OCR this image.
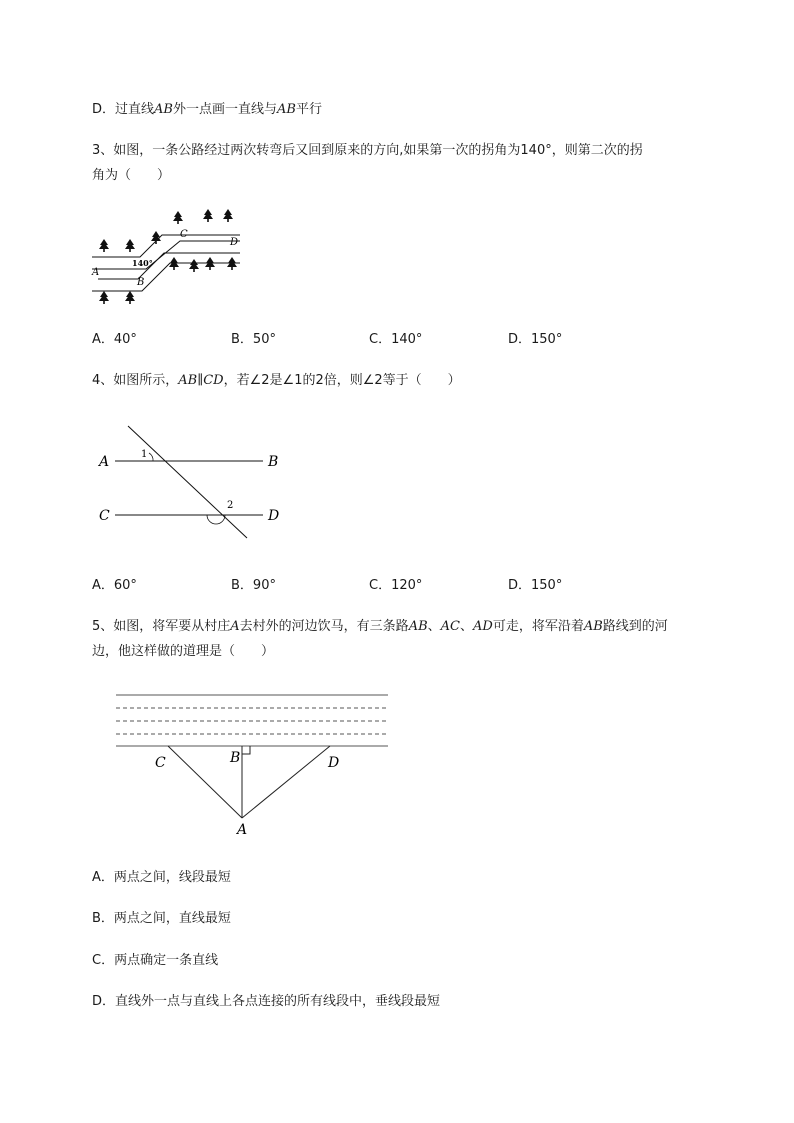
D．过直线AB外一点画一直线与AB平行
3、如图，一条公路经过两次转弯后又回到原来的方向,如果第一次的拐角为140°，则第二次的拐
角为（　　）
A
B
C
D
140°
A．40°	B．50°	C．140°	D．150°
4、如图所示，AB∥CD，若∠2是∠1的2倍，则∠2等于（　　）
A	B
C	D
1
2
A．60°	B．90°	C．120°	D．150°
5、如图，将军要从村庄A去村外的河边饮马，有三条路AB、AC、AD可走，将军沿着AB路线到的河
边，他这样做的道理是（　　）
A
B
C	D
A．两点之间，线段最短
B．两点之间，直线最短
C．两点确定一条直线
D．直线外一点与直线上各点连接的所有线段中，垂线段最短
